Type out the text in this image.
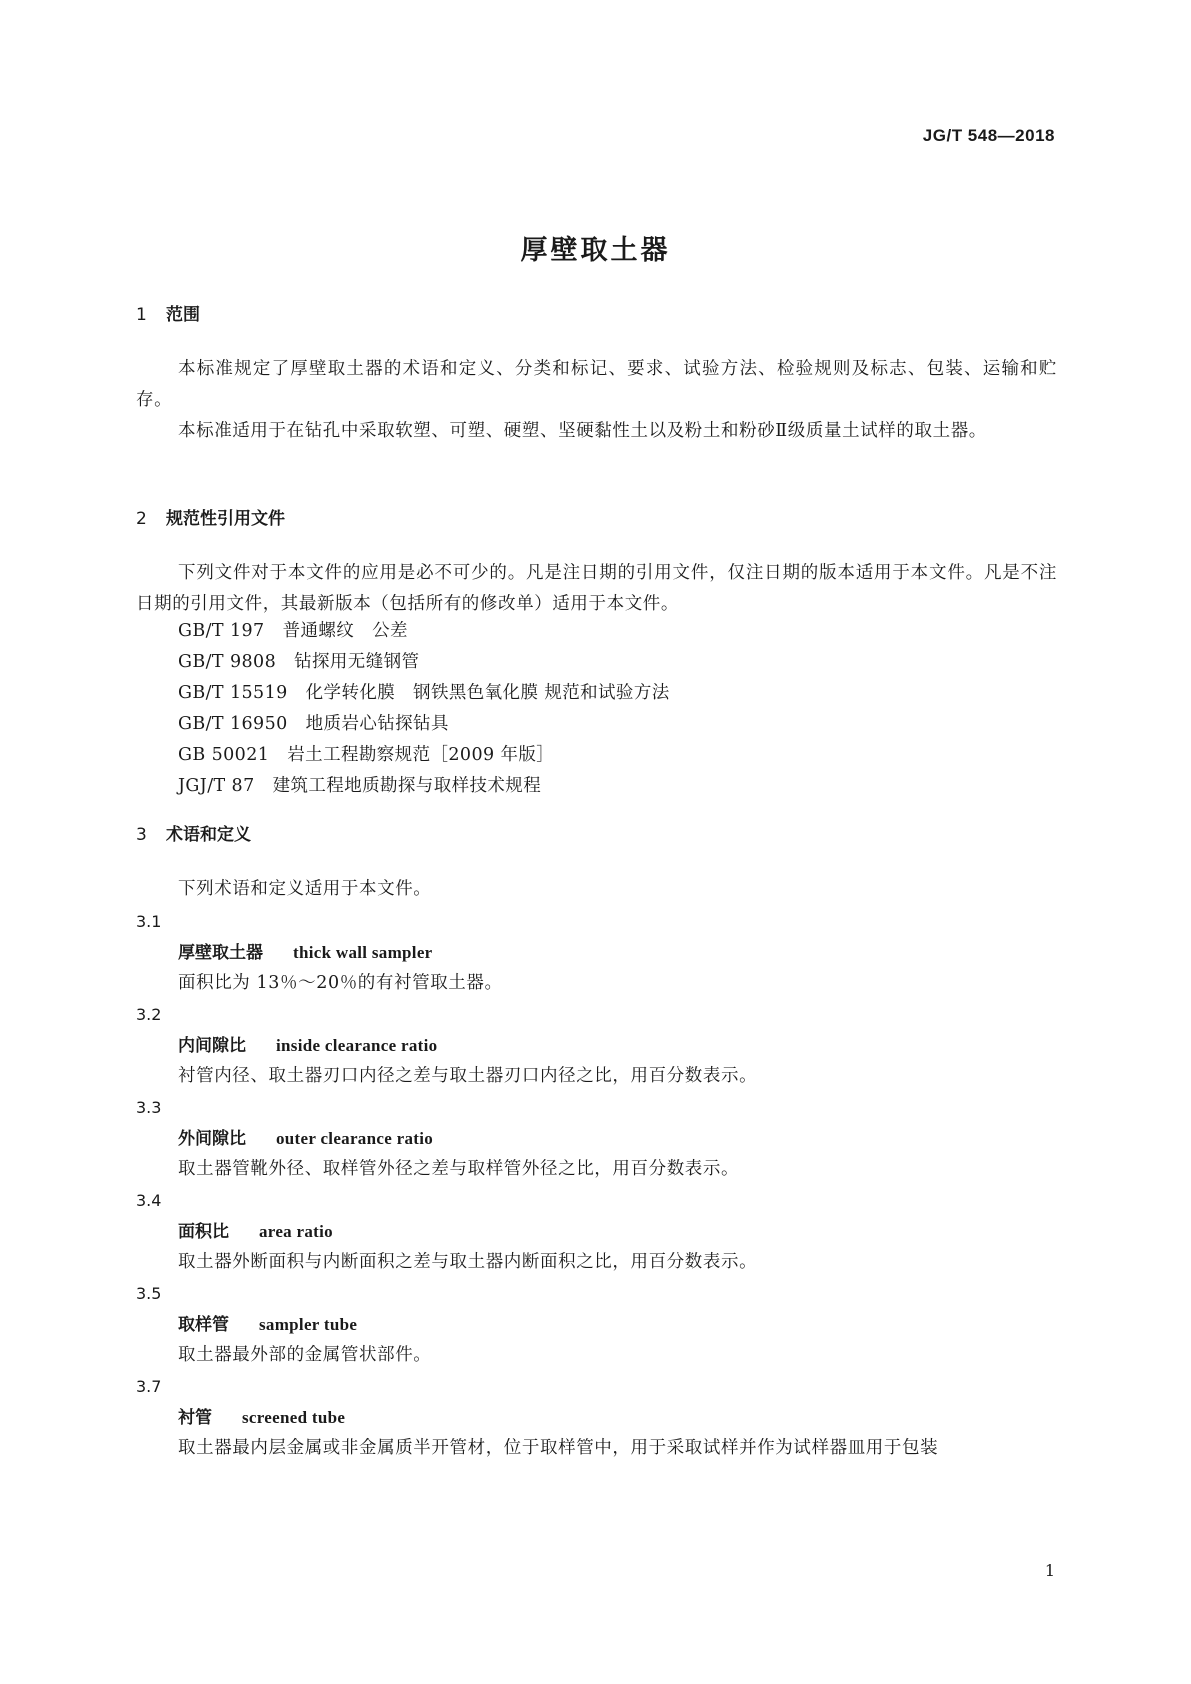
JG/T 548—2018
厚壁取土器
1 范围

本标准规定了厚壁取土器的术语和定义、分类和标记、要求、试验方法、检验规则及标志、包装、运输和贮存。

本标准适用于在钻孔中采取软塑、可塑、硬塑、坚硬黏性土以及粉土和粉砂Ⅱ级质量土试样的取土器。

2 规范性引用文件

下列文件对于本文件的应用是必不可少的。凡是注日期的引用文件，仅注日期的版本适用于本文件。凡是不注日期的引用文件，其最新版本（包括所有的修改单）适用于本文件。

GB/T 197 普通螺纹　公差
GB/T 9808 钻探用无缝钢管
GB/T 15519 化学转化膜　钢铁黑色氧化膜 规范和试验方法
GB/T 16950 地质岩心钻探钻具
GB 50021 岩土工程勘察规范［2009 年版］
JGJ/T 87 建筑工程地质勘探与取样技术规程
3 术语和定义

下列术语和定义适用于本文件。

3.1
厚壁取土器 thick wall sampler
面积比为 13％～20％的有衬管取土器。
3.2
内间隙比 inside clearance ratio
衬管内径、取土器刃口内径之差与取土器刃口内径之比，用百分数表示。
3.3
外间隙比 outer clearance ratio
取土器管靴外径、取样管外径之差与取样管外径之比，用百分数表示。
3.4
面积比 area ratio
取土器外断面积与内断面积之差与取土器内断面积之比，用百分数表示。
3.5
取样管 sampler tube
取土器最外部的金属管状部件。
3.7
衬管 screened tube
取土器最内层金属或非金属质半开管材，位于取样管中，用于采取试样并作为试样器皿用于包装
1
